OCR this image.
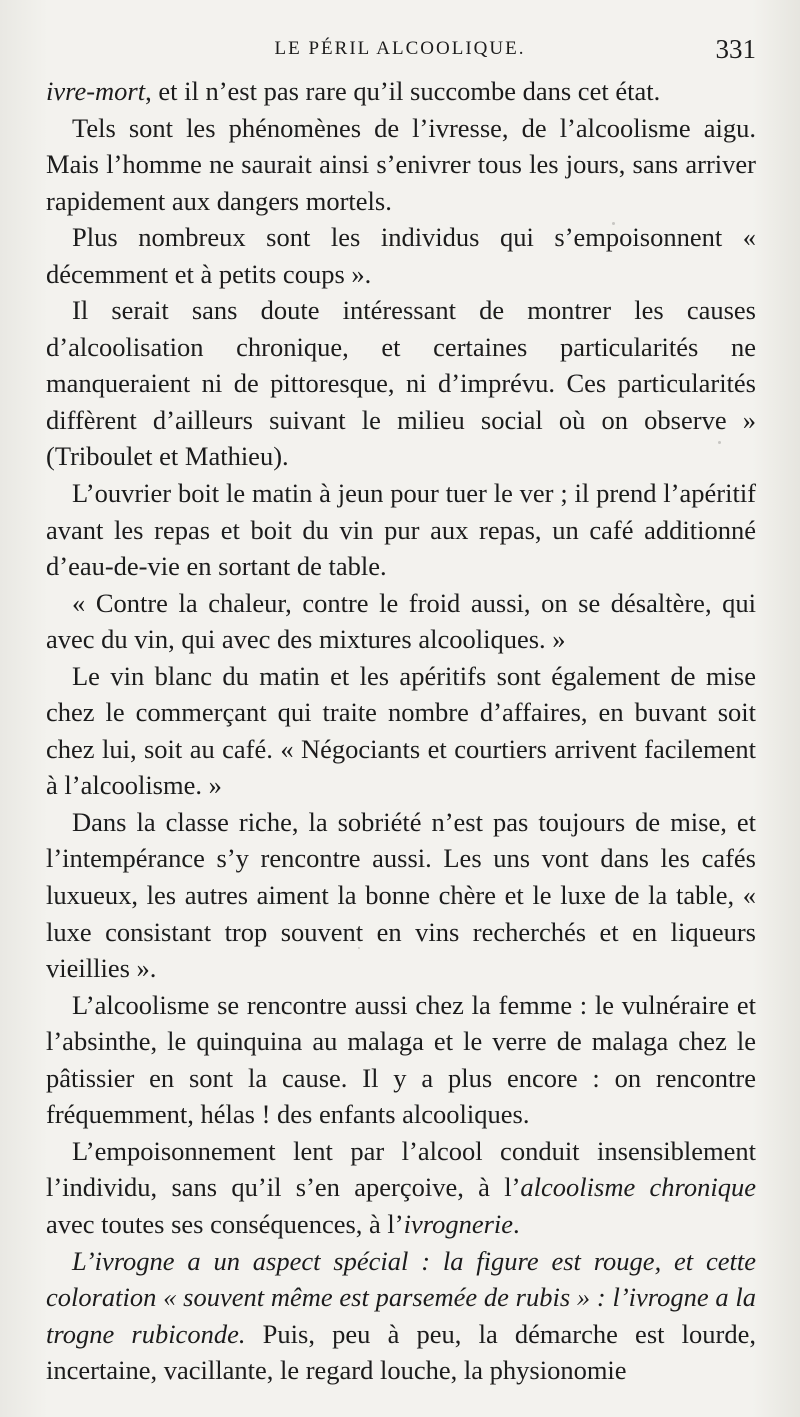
LE PÉRIL ALCOOLIQUE.	331

ivre-mort, et il n’est pas rare qu’il succombe dans cet état.

Tels sont les phénomènes de l’ivresse, de l’alcoolisme aigu. Mais l’homme ne saurait ainsi s’enivrer tous les jours, sans arriver rapidement aux dangers mortels.

Plus nombreux sont les individus qui s’empoisonnent « décemment et à petits coups ».

Il serait sans doute intéressant de montrer les causes d’alcoolisation chronique, et certaines particularités ne manqueraient ni de pittoresque, ni d’imprévu. Ces particularités diffèrent d’ailleurs suivant le milieu social où on observe » (Triboulet et Mathieu).

L’ouvrier boit le matin à jeun pour tuer le ver ; il prend l’apéritif avant les repas et boit du vin pur aux repas, un café additionné d’eau-de-vie en sortant de table.

« Contre la chaleur, contre le froid aussi, on se désaltère, qui avec du vin, qui avec des mixtures alcooliques. »

Le vin blanc du matin et les apéritifs sont également de mise chez le commerçant qui traite nombre d’affaires, en buvant soit chez lui, soit au café. « Négociants et courtiers arrivent facilement à l’alcoolisme. »

Dans la classe riche, la sobriété n’est pas toujours de mise, et l’intempérance s’y rencontre aussi. Les uns vont dans les cafés luxueux, les autres aiment la bonne chère et le luxe de la table, « luxe consistant trop souvent en vins recherchés et en liqueurs vieillies ».

L’alcoolisme se rencontre aussi chez la femme : le vulnéraire et l’absinthe, le quinquina au malaga et le verre de malaga chez le pâtissier en sont la cause. Il y a plus encore : on rencontre fréquemment, hélas ! des enfants alcooliques.

L’empoisonnement lent par l’alcool conduit insensiblement l’individu, sans qu’il s’en aperçoive, à l’alcoolisme chronique avec toutes ses conséquences, à l’ivrognerie.

L’ivrogne a un aspect spécial : la figure est rouge, et cette coloration « souvent même est parsemée de rubis » : l’ivrogne a la trogne rubiconde. Puis, peu à peu, la démarche est lourde, incertaine, vacillante, le regard louche, la physionomie
